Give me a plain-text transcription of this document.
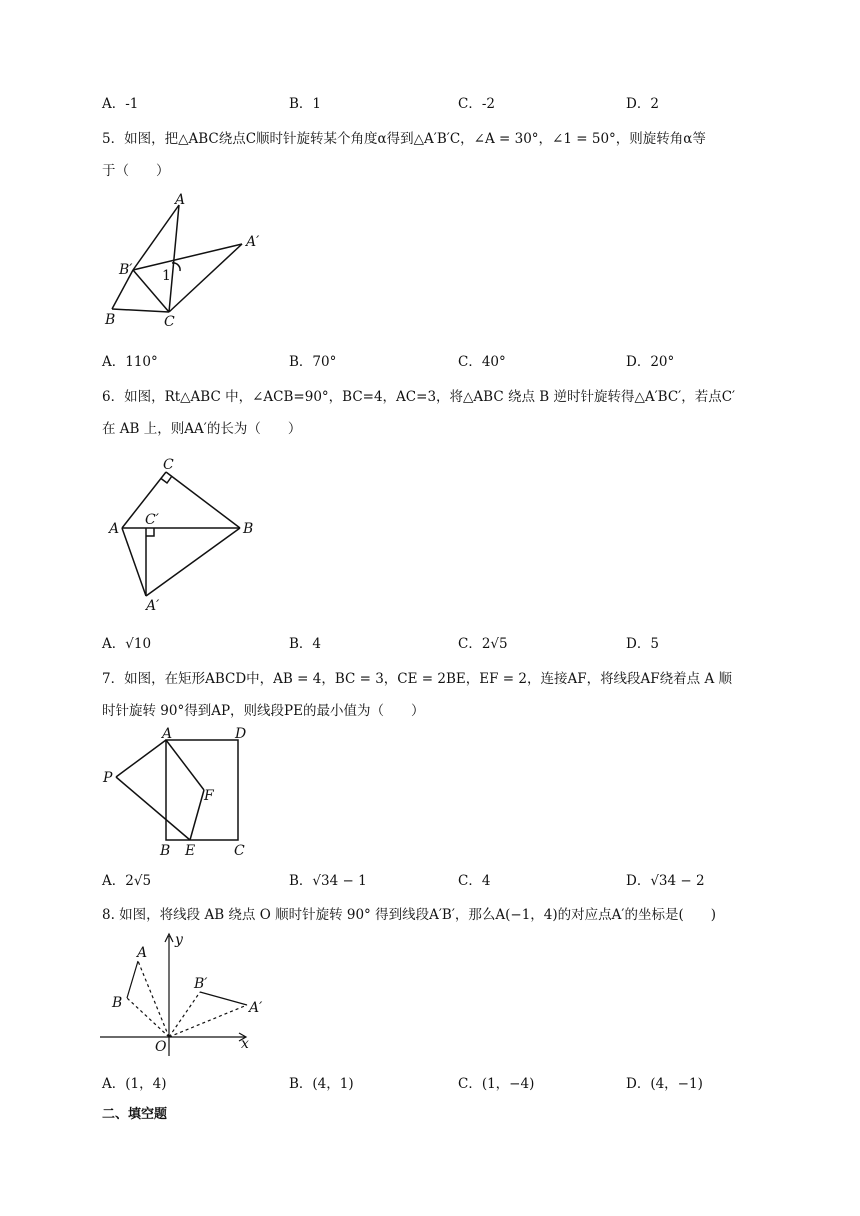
A．-1	B．1	C．-2	D．2
5．如图，把△ABC绕点C顺时针旋转某个角度α得到△A′B′C，∠A = 30°，∠1 = 50°，则旋转角α等
于（　　）
A
A′
B′ 1
B	C
A．110°	B．70°	C．40°	D．20°
6．如图，Rt△ABC 中，∠ACB=90°，BC=4，AC=3，将△ABC 绕点 B 逆时针旋转得△A′BC′，若点C′
在 AB 上，则AA′的长为（　　）
C
A
C′
B
A′
A．√10	B．4	C．2√5	D．5
7．如图，在矩形ABCD中，AB = 4，BC = 3，CE = 2BE，EF = 2，连接AF，将线段AF绕着点 A 顺
时针旋转 90°得到AP，则线段PE的最小值为（　　）
A	D
P
F
B E	C
A．2√5	B．√34 − 1	C．4	D．√34 − 2
8. 如图，将线段 AB 绕点 O 顺时针旋转 90° 得到线段A′B′，那么A(−1，4)的对应点A′的坐标是(　　)
y
A
B′
B	A′
O	x
A．(1，4)	B．(4，1)	C．(1，−4)	D．(4，−1)
二、填空题
